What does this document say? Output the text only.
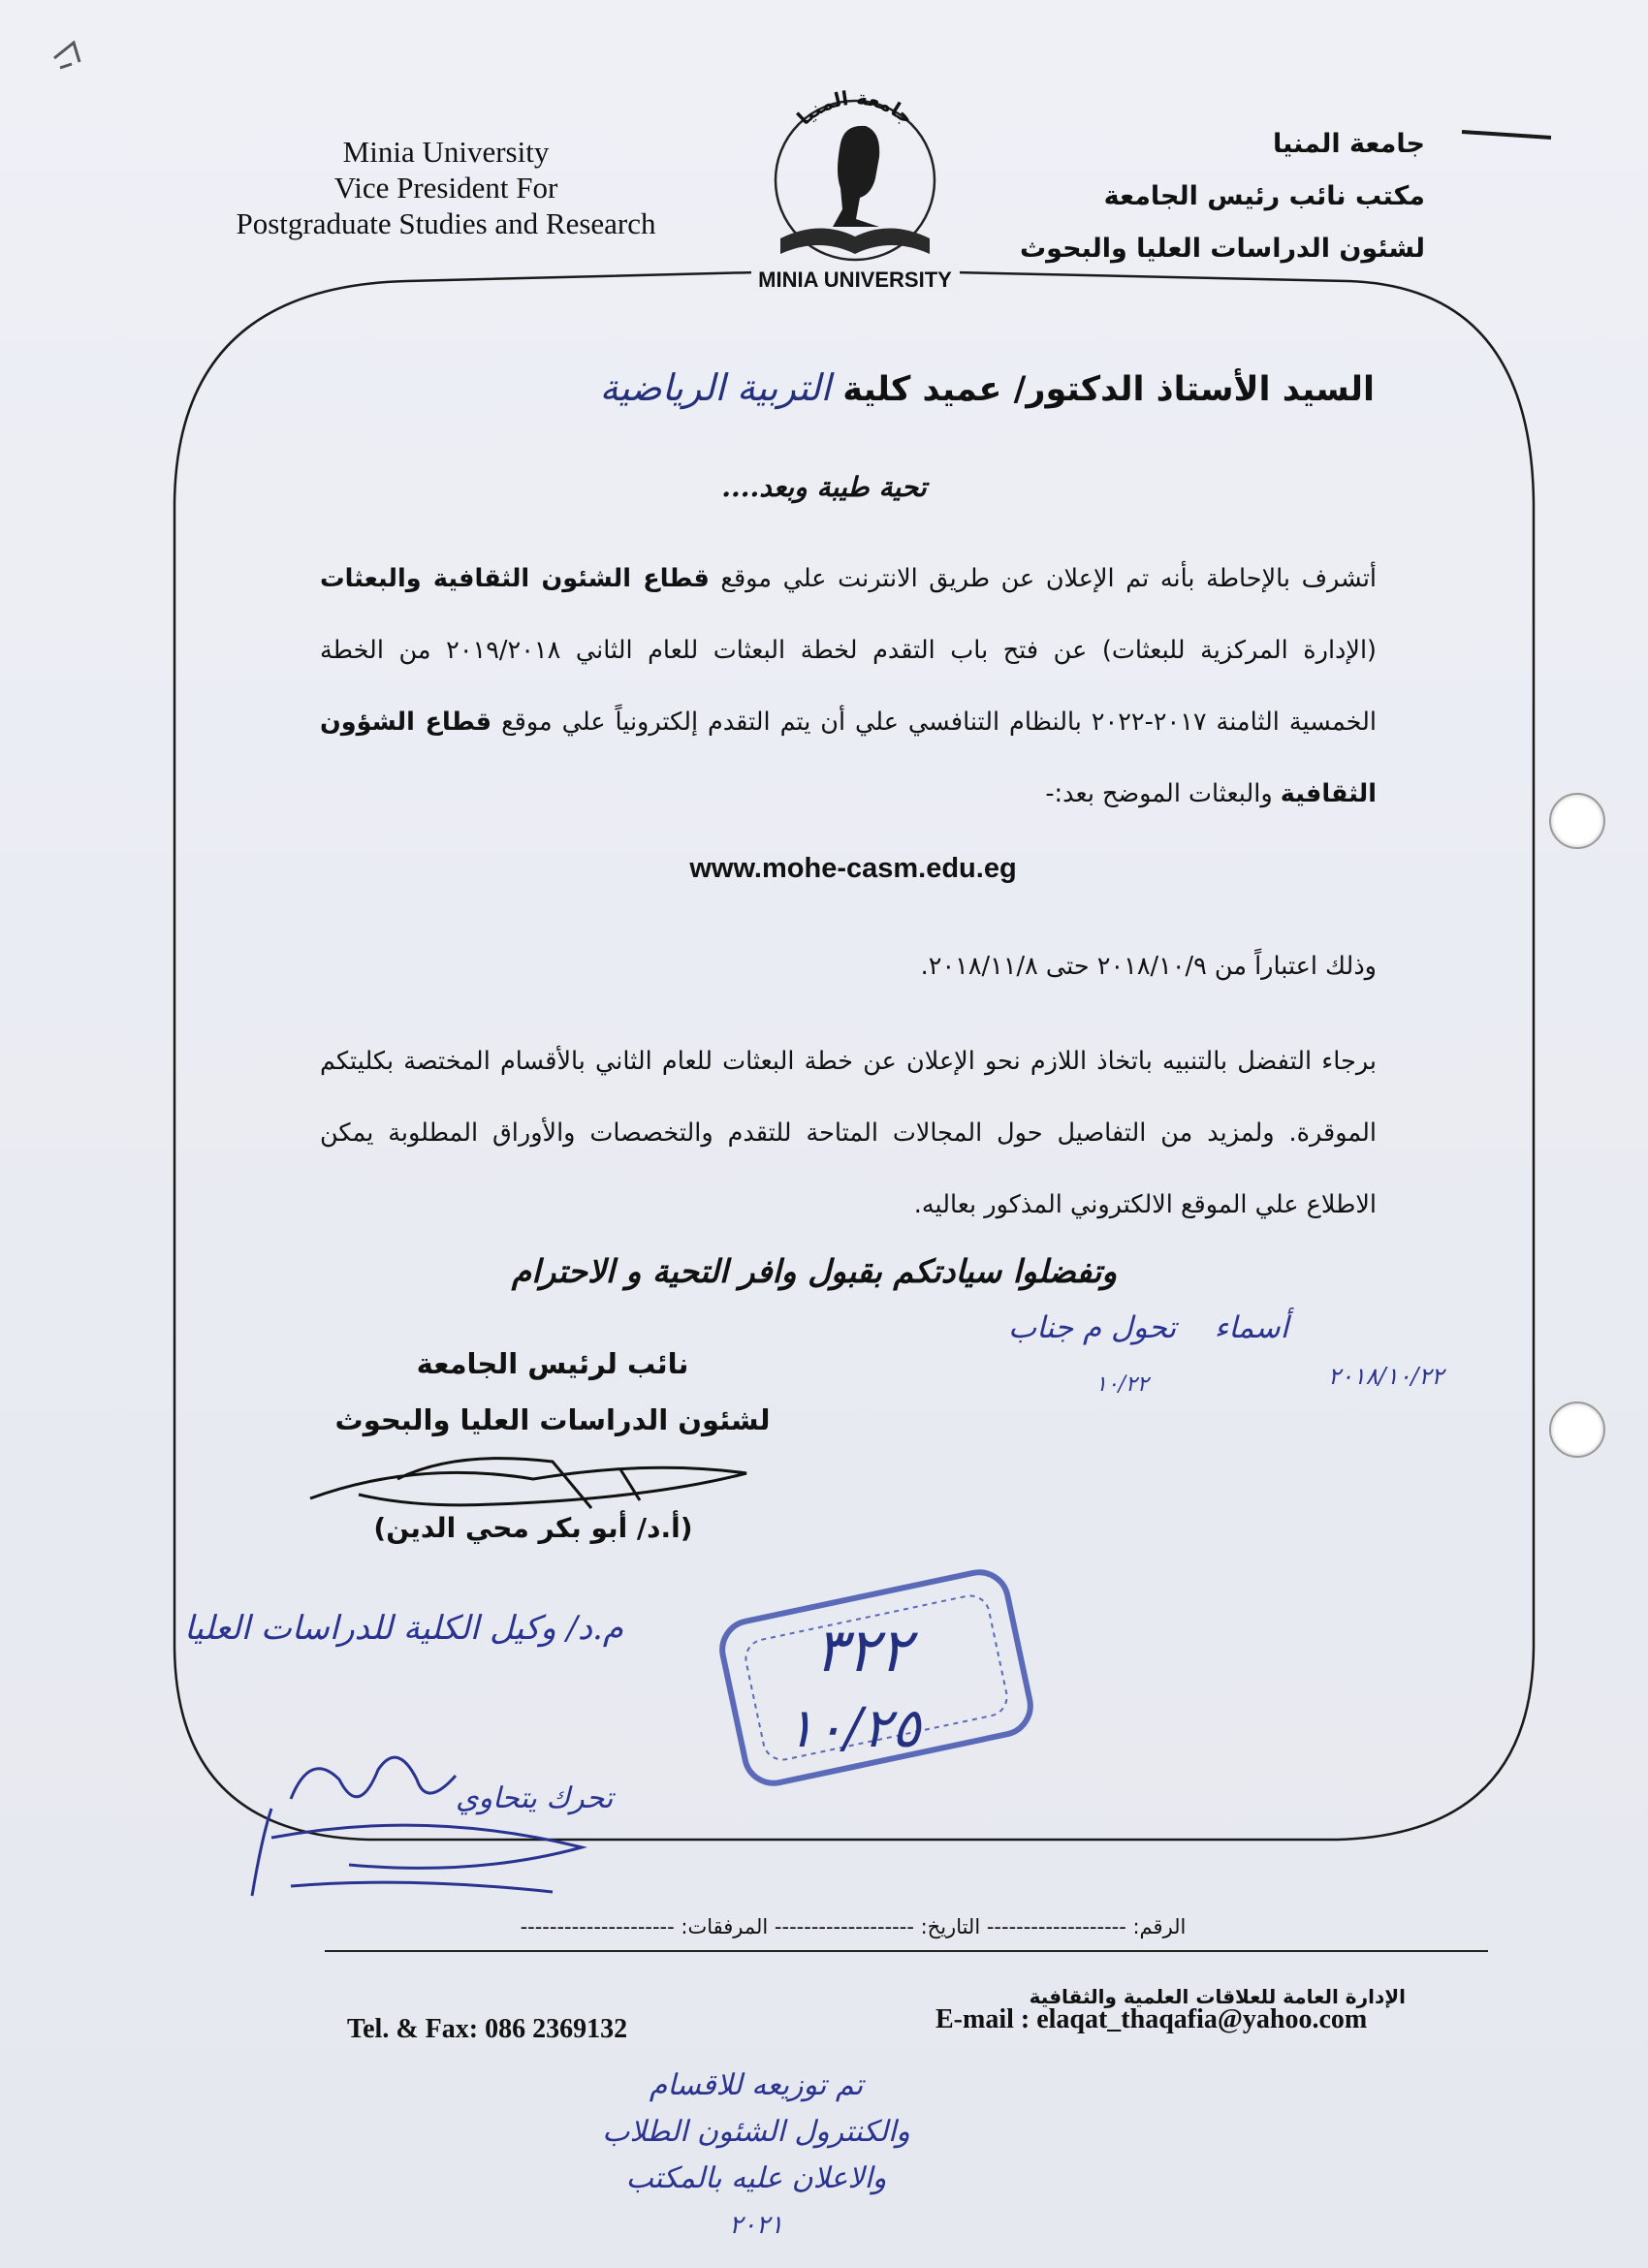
Minia University
Vice President For
Postgraduate Studies and Research
جامعة المنيا
مكتب نائب رئيس الجامعة
لشئون الدراسات العليا والبحوث
جامعة المنيا
MINIA UNIVERSITY
السيد الأستاذ الدكتور/ عميد كلية التربية الرياضية
تحية طيبة وبعد....
أتشرف بالإحاطة بأنه تم الإعلان عن طريق الانترنت علي موقع قطاع الشئون الثقافية والبعثات (الإدارة المركزية للبعثات) عن فتح باب التقدم لخطة البعثات للعام الثاني ٢٠١٩/٢٠١٨ من الخطة الخمسية الثامنة ٢٠١٧-٢٠٢٢ بالنظام التنافسي علي أن يتم التقدم إلكترونياً علي موقع قطاع الشؤون الثقافية والبعثات الموضح بعد:-
www.mohe-casm.edu.eg
وذلك اعتباراً من ٢٠١٨/١٠/٩ حتى ٢٠١٨/١١/٨.
برجاء التفضل بالتنبيه باتخاذ اللازم نحو الإعلان عن خطة البعثات للعام الثاني بالأقسام المختصة بكليتكم الموقرة. ولمزيد من التفاصيل حول المجالات المتاحة للتقدم والتخصصات والأوراق المطلوبة يمكن الاطلاع علي الموقع الالكتروني المذكور بعاليه.
وتفضلوا سيادتكم بقبول وافر التحية و الاحترام
نائب لرئيس الجامعة
لشئون الدراسات العليا والبحوث
(أ.د/ أبو بكر محي الدين)
أسماء    تحول م جناب
٢٠١٨/١٠/٢٢
١٠/٢٢
م.د/ وكيل الكلية للدراسات العليا
تحرك يتحاوي
٣٢٢
١٠/٢٥
الرقم: ------------------- التاريخ: ------------------- المرفقات: ---------------------
الإدارة العامة للعلاقات العلمية والثقافية
E-mail : elaqat_thaqafia@yahoo.com
Tel. & Fax: 086 2369132
تم توزيعه للاقسام
والكنترول الشئون الطلاب
والاعلان عليه بالمكتب
٢٠٢١
